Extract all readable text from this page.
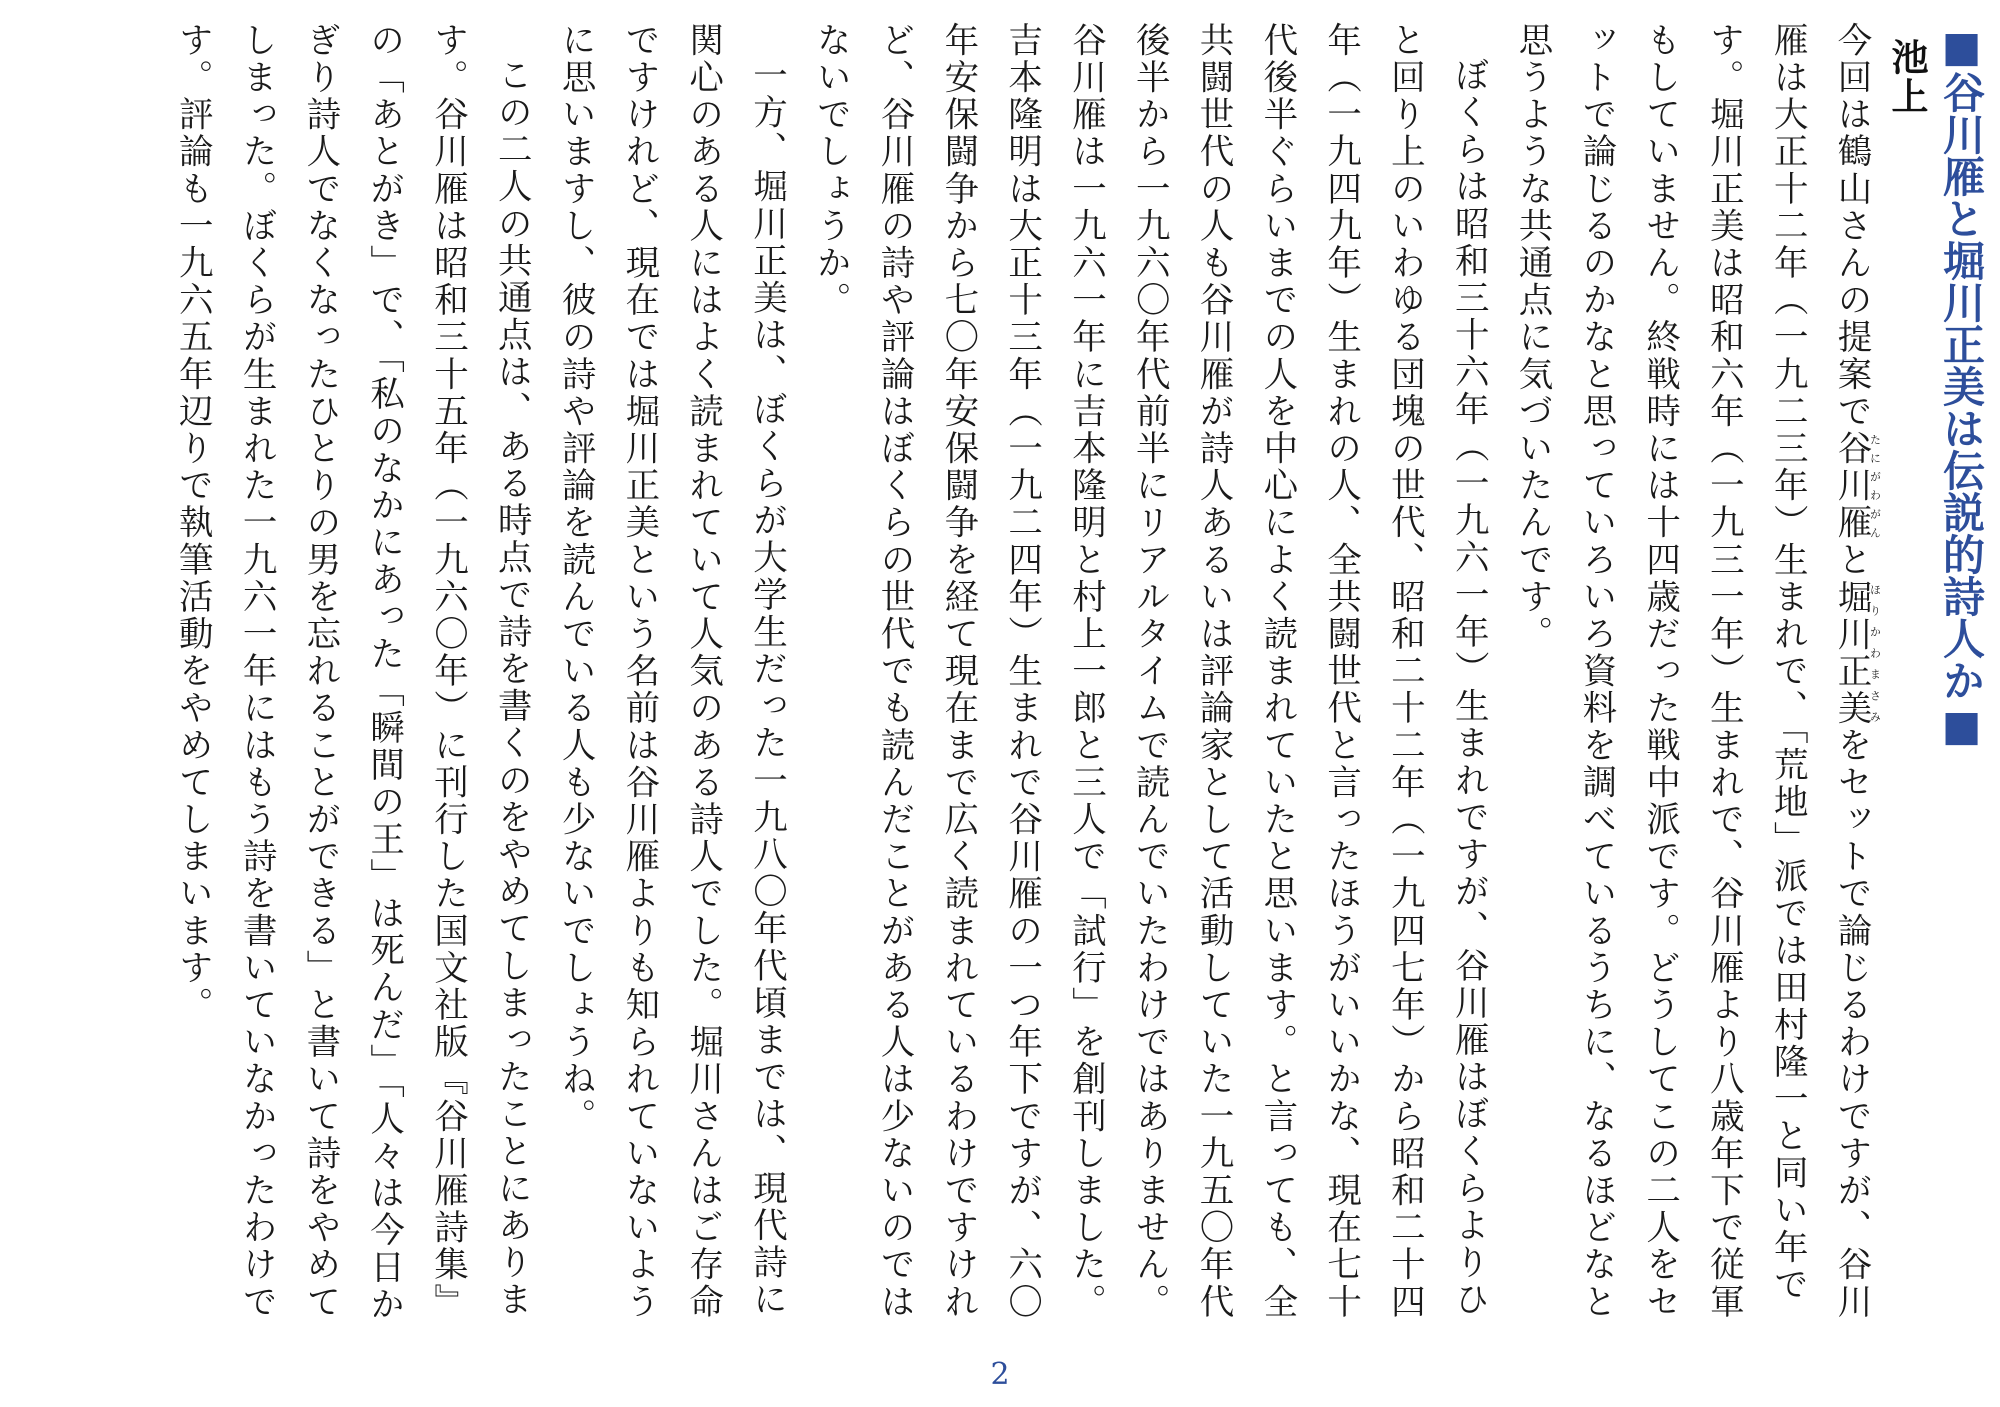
■谷川雁と堀川正美は伝説的詩人か■
池上

今回は鶴山さんの提案で谷川雁たにがわがんと堀川正美ほりかわまさみをセットで論じるわけですが、谷川雁は大正十二年（一九二三年）生まれで、「荒地」派では田村隆一と同い年です。堀川正美は昭和六年（一九三一年）生まれで、谷川雁より八歳年下で従軍もしていません。終戦時には十四歳だった戦中派です。どうしてこの二人をセットで論じるのかなと思っていろいろ資料を調べているうちに、なるほどなと思うような共通点に気づいたんです。

ぼくらは昭和三十六年（一九六一年）生まれですが、谷川雁はぼくらよりひと回り上のいわゆる団塊の世代、昭和二十二年（一九四七年）から昭和二十四年（一九四九年）生まれの人、全共闘世代と言ったほうがいいかな、現在七十代後半ぐらいまでの人を中心によく読まれていたと思います。と言っても、全共闘世代の人も谷川雁が詩人あるいは評論家として活動していた一九五〇年代後半から一九六〇年代前半にリアルタイムで読んでいたわけではありません。谷川雁は一九六一年に吉本隆明と村上一郎と三人で「試行」を創刊しました。吉本隆明は大正十三年（一九二四年）生まれで谷川雁の一つ年下ですが、六〇年安保闘争から七〇年安保闘争を経て現在まで広く読まれているわけですけれど、谷川雁の詩や評論はぼくらの世代でも読んだことがある人は少ないのではないでしょうか。

一方、堀川正美は、ぼくらが大学生だった一九八〇年代頃までは、現代詩に関心のある人にはよく読まれていて人気のある詩人でした。堀川さんはご存命ですけれど、現在では堀川正美という名前は谷川雁よりも知られていないように思いますし、彼の詩や評論を読んでいる人も少ないでしょうね。

この二人の共通点は、ある時点で詩を書くのをやめてしまったことにあります。谷川雁は昭和三十五年（一九六〇年）に刊行した国文社版『谷川雁詩集』の「あとがき」で、「私のなかにあった「瞬間の王」は死んだ」「人々は今日かぎり詩人でなくなったひとりの男を忘れることができる」と書いて詩をやめてしまった。ぼくらが生まれた一九六一年にはもう詩を書いていなかったわけです。評論も一九六五年辺りで執筆活動をやめてしまいます。

2
